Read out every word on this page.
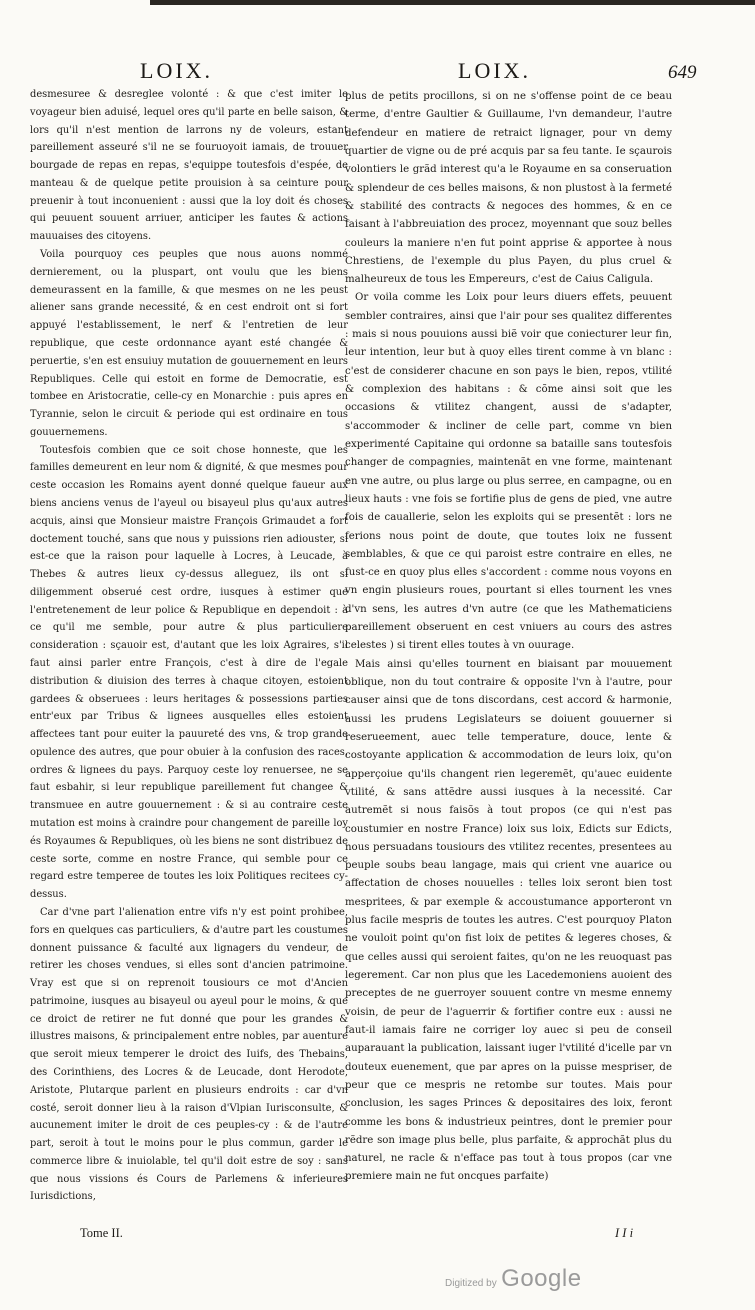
LOIX.	LOIX.	649

desmesuree & desreglee volonté : & que c'est imiter le voyageur bien aduisé, lequel ores qu'il parte en belle saison, & lors qu'il n'est mention de larrons ny de voleurs, estant pareillement asseuré s'il ne se fouruoyoit iamais, de trouuer bourgade de repas en repas, s'equippe toutesfois d'espée, de manteau & de quelque petite prouision à sa ceinture pour preuenir à tout inconuenient : aussi que la loy doit és choses qui peuuent souuent arriuer, anticiper les fautes & actions mauuaises des citoyens.

Voila pourquoy ces peuples que nous auons nommé dernierement, ou la pluspart, ont voulu que les biens demeurassent en la famille, & que mesmes on ne les peust aliener sans grande necessité, & en cest endroit ont si fort appuyé l'establissement, le nerf & l'entretien de leur republique, que ceste ordonnance ayant esté changée & peruertie, s'en est ensuiuy mutation de gouuernement en leurs Republiques. Celle qui estoit en forme de Democratie, est tombee en Aristocratie, celle-cy en Monarchie : puis apres en Tyrannie, selon le circuit & periode qui est ordinaire en tous gouuernemens.

Toutesfois combien que ce soit chose honneste, que les familles demeurent en leur nom & dignité, & que mesmes pour ceste occasion les Romains ayent donné quelque faueur aux biens anciens venus de l'ayeul ou bisayeul plus qu'aux autres acquis, ainsi que Monsieur maistre François Grimaudet a fort doctement touché, sans que nous y puissions rien adiouster, si est-ce que la raison pour laquelle à Locres, à Leucade, à Thebes & autres lieux cy-dessus alleguez, ils ont si diligemment obserué cest ordre, iusques à estimer que l'entretenement de leur police & Republique en dependoit : à ce qu'il me semble, pour autre & plus particuliere consideration : sçauoir est, d'autant que les loix Agraires, s'il faut ainsi parler entre François, c'est à dire de l'egale distribution & diuision des terres à chaque citoyen, estoient gardees & obseruees : leurs heritages & possessions parties entr'eux par Tribus & lignees ausquelles elles estoient affectees tant pour euiter la pauureté des vns, & trop grande opulence des autres, que pour obuier à la confusion des races, ordres & lignees du pays. Parquoy ceste loy renuersee, ne se faut esbahir, si leur republique pareillement fut changee & transmuee en autre gouuernement : & si au contraire ceste mutation est moins à craindre pour changement de pareille loy és Royaumes & Republiques, où les biens ne sont distribuez de ceste sorte, comme en nostre France, qui semble pour ce regard estre temperee de toutes les loix Politiques recitees cy-dessus.

Car d'vne part l'alienation entre vifs n'y est point prohibee, fors en quelques cas particuliers, & d'autre part les coustumes donnent puissance & faculté aux lignagers du vendeur, de retirer les choses vendues, si elles sont d'ancien patrimoine. Vray est que si on reprenoit tousiours ce mot d'Ancien patrimoine, iusques au bisayeul ou ayeul pour le moins, & que ce droict de retirer ne fut donné que pour les grandes & illustres maisons, & principalement entre nobles, par auenture que seroit mieux temperer le droict des Iuifs, des Thebains, des Corinthiens, des Locres & de Leucade, dont Herodote, Aristote, Plutarque parlent en plusieurs endroits : car d'vn costé, seroit donner lieu à la raison d'Vlpian Iurisconsulte, & aucunement imiter le droit de ces peuples-cy : & de l'autre part, seroit à tout le moins pour le plus commun, garder le commerce libre & inuiolable, tel qu'il doit estre de soy : sans que nous vissions és Cours de Parlemens & inferieures Iurisdictions,

plus de petits procillons, si on ne s'offense point de ce beau terme, d'entre Gaultier & Guillaume, l'vn demandeur, l'autre defendeur en matiere de retraict lignager, pour vn demy quartier de vigne ou de pré acquis par sa feu tante. Ie sçaurois volontiers le grãd interest qu'a le Royaume en sa conseruation & splendeur de ces belles maisons, & non plustost à la fermeté & stabilité des contracts & negoces des hommes, & en ce faisant à l'abbreuiation des procez, moyennant que souz belles couleurs la maniere n'en fut point apprise & apportee à nous Chrestiens, de l'exemple du plus Payen, du plus cruel & malheureux de tous les Empereurs, c'est de Caius Caligula.

Or voila comme les Loix pour leurs diuers effets, peuuent sembler contraires, ainsi que l'air pour ses qualitez differentes : mais si nous pouuions aussi biẽ voir que coniecturer leur fin, leur intention, leur but à quoy elles tirent comme à vn blanc : c'est de considerer chacune en son pays le bien, repos, vtilité & complexion des habitans : & cõme ainsi soit que les occasions & vtilitez changent, aussi de s'adapter, s'accommoder & incliner de celle part, comme vn bien experimenté Capitaine qui ordonne sa bataille sans toutesfois changer de compagnies, maintenãt en vne forme, maintenant en vne autre, ou plus large ou plus serree, en campagne, ou en lieux hauts : vne fois se fortifie plus de gens de pied, vne autre fois de cauallerie, selon les exploits qui se presentẽt : lors ne ferions nous point de doute, que toutes loix ne fussent semblables, & que ce qui paroist estre contraire en elles, ne fust-ce en quoy plus elles s'accordent : comme nous voyons en vn engin plusieurs roues, pourtant si elles tournent les vnes d'vn sens, les autres d'vn autre (ce que les Mathematiciens pareillement obseruent en cest vniuers au cours des astres celestes ) si tirent elles toutes à vn ouurage.

Mais ainsi qu'elles tournent en biaisant par mouuement oblique, non du tout contraire & opposite l'vn à l'autre, pour causer ainsi que de tons discordans, cest accord & harmonie, aussi les prudens Legislateurs se doiuent gouuerner si reserueement, auec telle temperature, douce, lente & costoyante application & accommodation de leurs loix, qu'on apperçoiue qu'ils changent rien legeremẽt, qu'auec euidente vtilité, & sans attẽdre aussi iusques à la necessité. Car autremẽt si nous faisõs à tout propos (ce qui n'est pas coustumier en nostre France) loix sus loix, Edicts sur Edicts, nous persuadans tousiours des vtilitez recentes, presentees au peuple soubs beau langage, mais qui crient vne auarice ou affectation de choses nouuelles : telles loix seront bien tost mespritees, & par exemple & accoustumance apporteront vn plus facile mespris de toutes les autres. C'est pourquoy Platon ne vouloit point qu'on fist loix de petites & legeres choses, & que celles aussi qui seroient faites, qu'on ne les reuoquast pas legerement. Car non plus que les Lacedemoniens auoient des preceptes de ne guerroyer souuent contre vn mesme ennemy voisin, de peur de l'aguerrir & fortifier contre eux : aussi ne faut-il iamais faire ne corriger loy auec si peu de conseil auparauant la publication, laissant iuger l'vtilité d'icelle par vn douteux euenement, que par apres on la puisse mespriser, de peur que ce mespris ne retombe sur toutes. Mais pour conclusion, les sages Princes & depositaires des loix, feront comme les bons & industrieux peintres, dont le premier pour rẽdre son image plus belle, plus parfaite, & approchãt plus du naturel, ne racle & n'efface pas tout à tous propos (car vne premiere main ne fut oncques parfaite)

Tome II.	I I i
Digitized by Google
